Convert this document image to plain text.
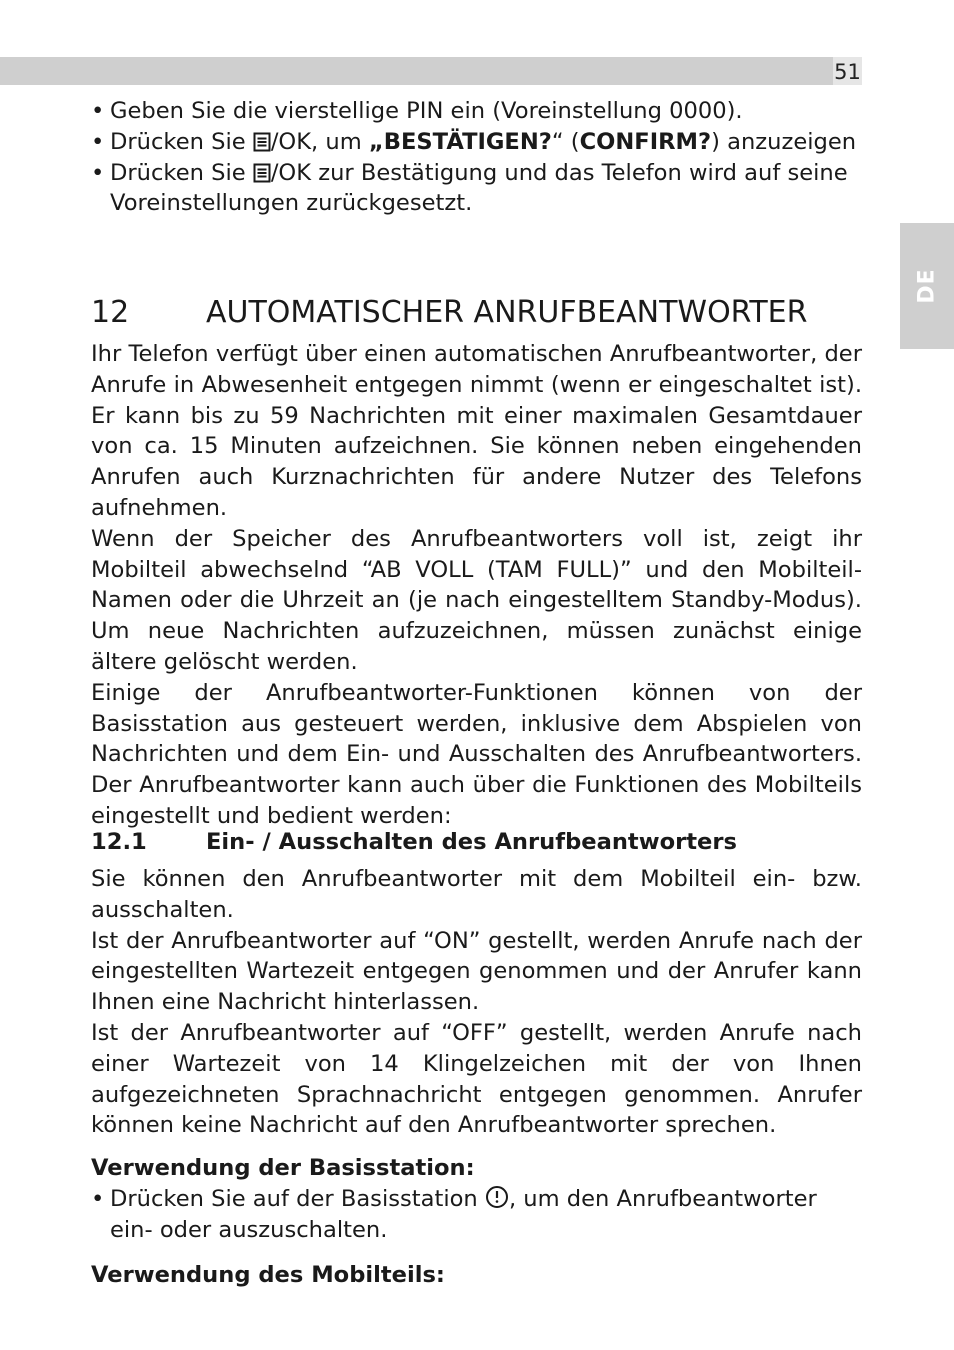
51
DE

• Geben Sie die vierstellige PIN ein (Voreinstellung 0000).

• Drücken Sie
/OK, um „BESTÄTIGEN?“ (CONFIRM?) anzuzeigen

• Drücken Sie
/OK zur Bestätigung und das Telefon wird auf seine Voreinstellungen zurückgesetzt.

12	AUTOMATISCHER ANRUFBEANTWORTER

Ihr Telefon verfügt über einen automatischen Anrufbeantworter, der Anrufe in Abwesenheit entgegen nimmt (wenn er eingeschaltet ist). Er kann bis zu 59 Nachrichten mit einer maximalen Gesamtdauer von ca. 15 Minuten aufzeichnen. Sie können neben eingehenden Anrufen auch Kurznachrichten für andere Nutzer des Telefons aufnehmen.

Wenn der Speicher des Anrufbeantworters voll ist, zeigt ihr Mobilteil abwechselnd “AB VOLL (TAM FULL)” und den Mobilteil-Namen oder die Uhrzeit an (je nach eingestelltem Standby-Modus). Um neue Nachrichten aufzuzeichnen, müssen zunächst einige ältere gelöscht werden.

Einige der Anrufbeantworter-Funktionen können von der Basisstation aus gesteuert werden, inklusive dem Abspielen von Nachrichten und dem Ein- und Ausschalten des Anrufbeantworters. Der Anrufbeantworter kann auch über die Funktionen des Mobilteils eingestellt und bedient werden:

12.1	Ein- / Ausschalten des Anrufbeantworters

Sie können den Anrufbeantworter mit dem Mobilteil ein- bzw. ausschalten.

Ist der Anrufbeantworter auf “ON” gestellt, werden Anrufe nach der eingestellten Wartezeit entgegen genommen und der Anrufer kann Ihnen eine Nachricht hinterlassen.

Ist der Anrufbeantworter auf “OFF” gestellt, werden Anrufe nach einer Wartezeit von 14 Klingelzeichen mit der von Ihnen aufgezeichneten Sprachnachricht entgegen genommen. Anrufer können keine Nachricht auf den Anrufbeantworter sprechen.

Verwendung der Basisstation:

• Drücken Sie auf der Basisstation
, um den Anrufbeantworter ein- oder auszuschalten.

Verwendung des Mobilteils:
